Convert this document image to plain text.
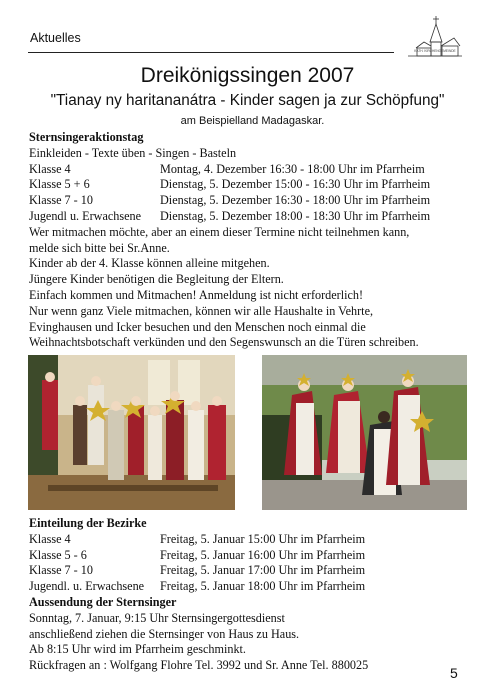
Aktuelles
KATH. KIRCHENGEMEINDE
Dreikönigssingen 2007
"Tianay ny haritananátra - Kinder sagen ja zur Schöpfung"
am Beispielland Madagaskar.
Sternsingeraktionstag
Einkleiden - Texte üben - Singen - Basteln
Klasse 4	Montag, 4. Dezember 16:30 - 18:00 Uhr im Pfarrheim
Klasse 5 + 6	Dienstag, 5. Dezember 15:00 - 16:30 Uhr im Pfarrheim
Klasse 7 - 10	Dienstag, 5. Dezember 16:30 - 18:00 Uhr im Pfarrheim
Jugendl u. Erwachsene	Dienstag, 5. Dezember 18:00 - 18:30 Uhr im Pfarrheim
Wer mitmachen möchte, aber an einem dieser Termine nicht teilnehmen kann,
melde sich bitte bei Sr.Anne.
Kinder ab der 4. Klasse können alleine mitgehen.
Jüngere Kinder benötigen die Begleitung der Eltern.
Einfach kommen und Mitmachen! Anmeldung ist nicht erforderlich!
Nur wenn ganz Viele mitmachen, können wir alle Haushalte in Vehrte,
Evinghausen und Icker besuchen und den Menschen noch einmal die
Weihnachtsbotschaft verkünden und den Segenswunsch an die Türen schreiben.
Einteilung der Bezirke
Klasse 4	Freitag, 5. Januar 15:00 Uhr im Pfarrheim
Klasse 5 - 6	Freitag, 5. Januar 16:00 Uhr im Pfarrheim
Klasse 7 - 10	Freitag, 5. Januar 17:00 Uhr im Pfarrheim
Jugendl. u. Erwachsene	Freitag, 5. Januar 18:00 Uhr im Pfarrheim
Aussendung der Sternsinger
Sonntag, 7. Januar, 9:15 Uhr Sternsingergottesdienst
anschließend ziehen die Sternsinger von Haus zu Haus.
Ab 8:15 Uhr wird im Pfarrheim geschminkt.
Rückfragen an : Wolfgang Flohre Tel. 3992 und Sr. Anne Tel. 880025	5
